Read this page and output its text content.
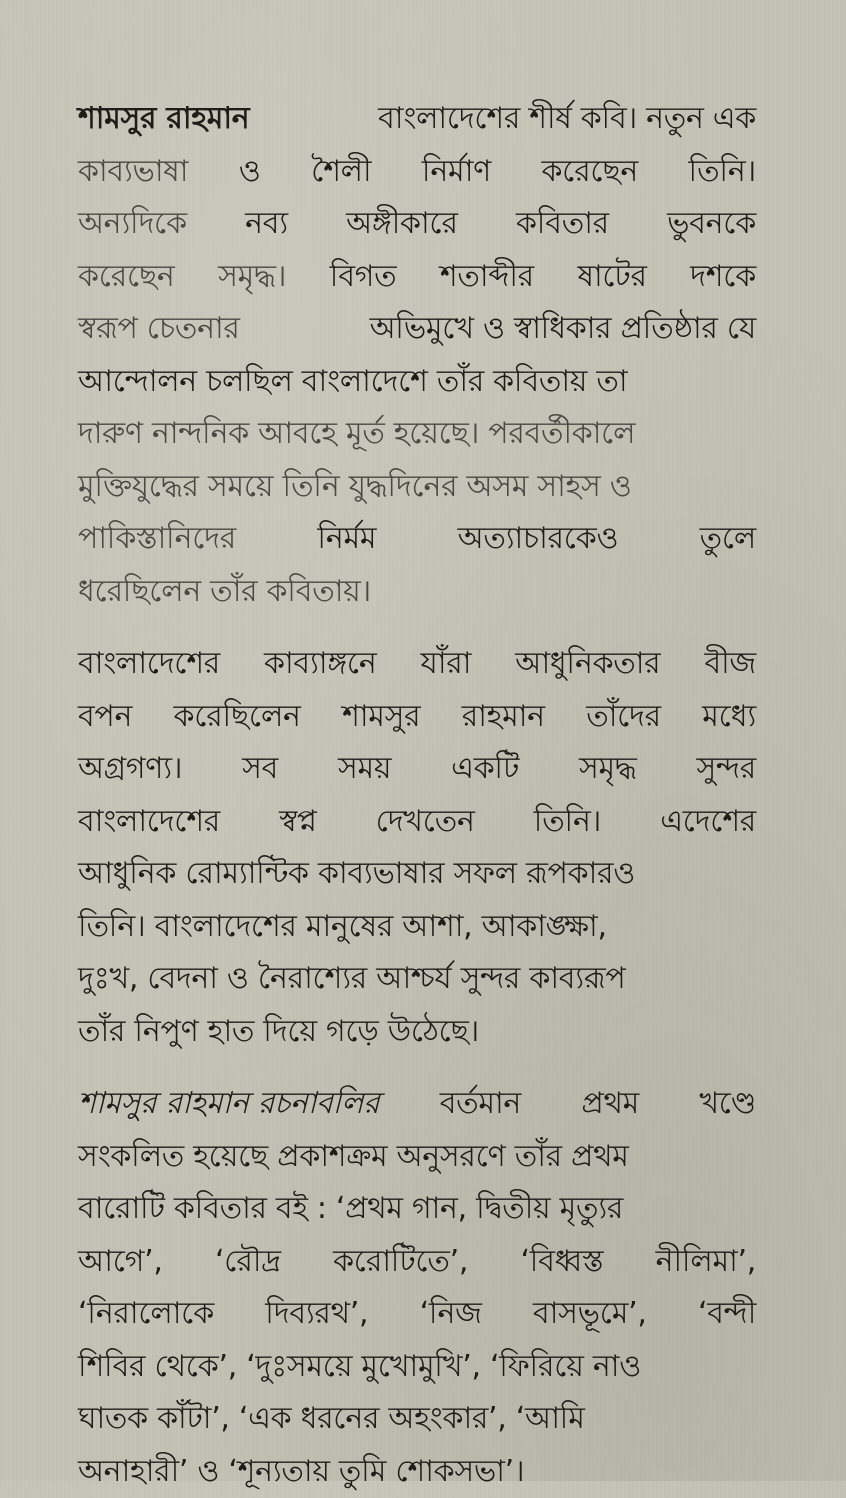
শামসুর রাহমান	বাংলাদেশের শীর্ষ কবি। নতুন এক
কাব্যভাষা ও শৈলী নির্মাণ করেছেন তিনি।
অন্যদিকে নব্য অঙ্গীকারে কবিতার ভুবনকে
করেছেন সমৃদ্ধ। বিগত শতাব্দীর ষাটের দশকে
স্বরূপ চেতনার	অভিমুখে ও স্বাধিকার প্রতিষ্ঠার যে
আন্দোলন চলছিল বাংলাদেশে তাঁর কবিতায় তা
দারুণ নান্দনিক আবহে মূর্ত হয়েছে। পরবর্তীকালে
মুক্তিযুদ্ধের সময়ে তিনি যুদ্ধদিনের অসম সাহস ও
পাকিস্তানিদের	নির্মম	অত্যাচারকেও	তুলে
ধরেছিলেন তাঁর কবিতায়।
বাংলাদেশের কাব্যাঙ্গনে যাঁরা আধুনিকতার বীজ
বপন করেছিলেন শামসুর রাহমান তাঁদের মধ্যে
অগ্রগণ্য। সব সময় একটি সমৃদ্ধ সুন্দর
বাংলাদেশের স্বপ্ন দেখতেন তিনি। এদেশের
আধুনিক রোম্যান্টিক কাব্যভাষার সফল রূপকারও
তিনি। বাংলাদেশের মানুষের আশা, আকাঙ্ক্ষা,
দুঃখ, বেদনা ও নৈরাশ্যের আশ্চর্য সুন্দর কাব্যরূপ
তাঁর নিপুণ হাত দিয়ে গড়ে উঠেছে।
শামসুর রাহমান রচনাবলির বর্তমান প্রথম খণ্ডে
সংকলিত হয়েছে প্রকাশক্রম অনুসরণে তাঁর প্রথম
বারোটি কবিতার বই : ‘প্রথম গান, দ্বিতীয় মৃত্যুর
আগে’, ‘রৌদ্র করোটিতে’, ‘বিধ্বস্ত নীলিমা’,
‘নিরালোকে দিব্যরথ’, ‘নিজ বাসভূমে’, ‘বন্দী
শিবির থেকে’, ‘দুঃসময়ে মুখোমুখি’, ‘ফিরিয়ে নাও
ঘাতক কাঁটা’, ‘এক ধরনের অহংকার’, ‘আমি
অনাহারী’ ও ‘শূন্যতায় তুমি শোকসভা’।
